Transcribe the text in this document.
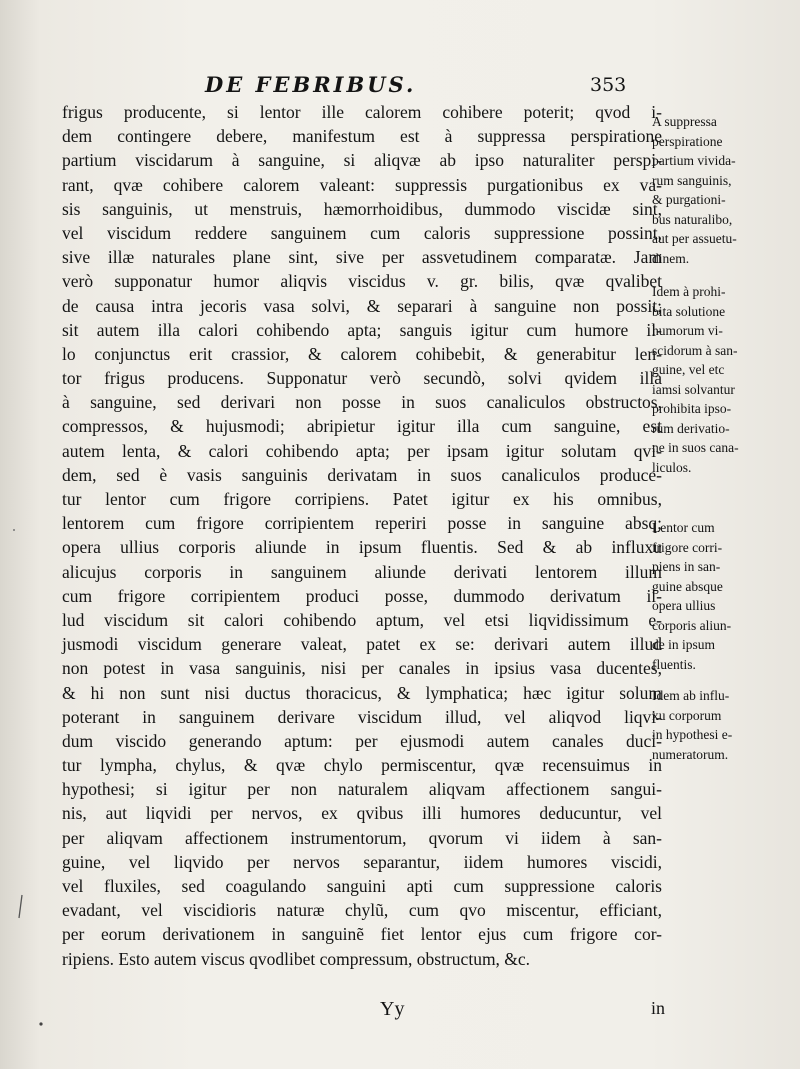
DE FEBRIBUS.	353
frigus producente, si lentor ille calorem cohibere poterit; qvod i-
dem contingere debere, manifestum est à suppressa perspiratione
partium viscidarum à sanguine, si aliqvæ ab ipso naturaliter perspi-
rant, qvæ cohibere calorem valeant: suppressis purgationibus ex va-
sis sanguinis, ut menstruis, hæmorrhoidibus, dummodo viscidæ sint,
vel viscidum reddere sanguinem cum caloris suppressione possint,
sive illæ naturales plane sint, sive per assvetudinem comparatæ. Jam
verò supponatur humor aliqvis viscidus v. gr. bilis, qvæ qvalibet
de causa intra jecoris vasa solvi, & separari à sanguine non possit;
sit autem illa calori cohibendo apta; sanguis igitur cum humore il-
lo conjunctus erit crassior, & calorem cohibebit, & generabitur len-
tor frigus producens. Supponatur verò secundò, solvi qvidem illa
à sanguine, sed derivari non posse in suos canaliculos obstructos,
compressos, & hujusmodi; abripietur igitur illa cum sanguine, est
autem lenta, & calori cohibendo apta; per ipsam igitur solutam qvi-
dem, sed è vasis sanguinis derivatam in suos canaliculos produce-
tur lentor cum frigore corripiens. Patet igitur ex his omnibus,
lentorem cum frigore corripientem reperiri posse in sanguine absq;
opera ullius corporis aliunde in ipsum fluentis. Sed & ab influxu
alicujus corporis in sanguinem aliunde derivati lentorem illum
cum frigore corripientem produci posse, dummodo derivatum il-
lud viscidum sit calori cohibendo aptum, vel etsi liqvidissimum e-
jusmodi viscidum generare valeat, patet ex se: derivari autem illud
non potest in vasa sanguinis, nisi per canales in ipsius vasa ducentes,
& hi non sunt nisi ductus thoracicus, & lymphatica; hæc igitur solum
poterant in sanguinem derivare viscidum illud, vel aliqvod liqvi-
dum viscido generando aptum: per ejusmodi autem canales duci-
tur lympha, chylus, & qvæ chylo permiscentur, qvæ recensuimus in
hypothesi; si igitur per non naturalem aliqvam affectionem sangui-
nis, aut liqvidi per nervos, ex qvibus illi humores deducuntur, vel
per aliqvam affectionem instrumentorum, qvorum vi iidem à san-
guine, vel liqvido per nervos separantur, iidem humores viscidi,
vel fluxiles, sed coagulando sanguini apti cum suppressione caloris
evadant, vel viscidioris naturæ chylũ, cum qvo miscentur, efficiant,
per eorum derivationem in sanguinẽ fiet lentor ejus cum frigore cor-
ripiens. Esto autem viscus qvodlibet compressum, obstructum, &c.
A suppressa
perspiratione
partium vivida-
rum sanguinis,
& purgationi-
bus naturalibo,
aut per assuetu-
dinem.
Idem à prohi-
bita solutione
humorum vi-
scidorum à san-
guine, vel etc
iamsi solvantur
prohibita ipso-
rum derivatio-
ne in suos cana-
liculos.
Lentor cum
frigore corri-
piens in san-
guine absque
opera ullius
corporis aliun-
de in ipsum
fluentis.
Idem ab influ-
xu corporum
in hypothesi e-
numeratorum.
Yy	in
